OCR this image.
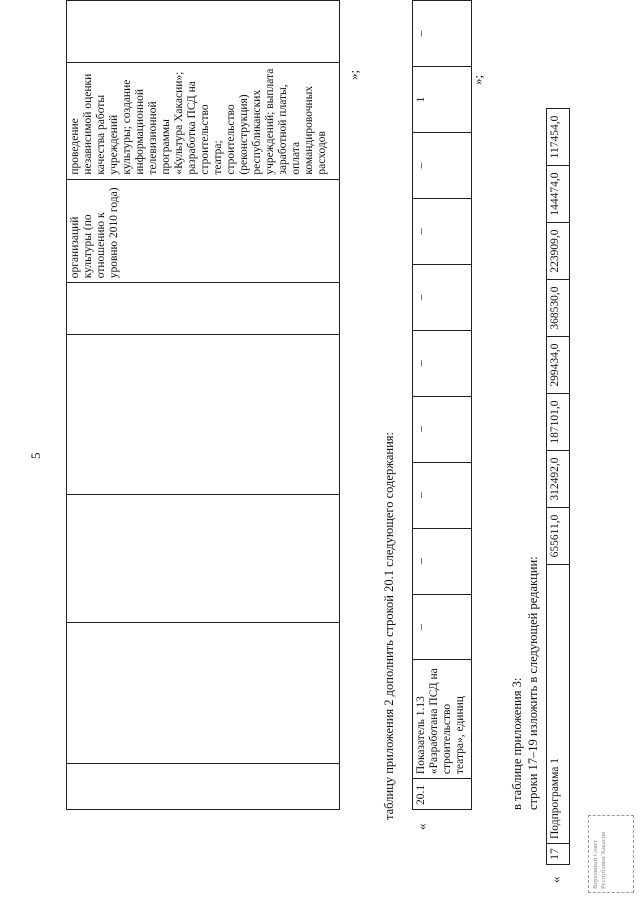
5
					организаций культуры (по отношению к уровню 2010 года)	проведение независимой оценки качества работы учреждений культуры; создание информационной телевизионной программы «Культура Хакасии»; разработка ПСД на строительство театра; строительство (реконструкция) республиканских учреждений; выплата заработной платы, оплата командировочных расходов	
»;
таблицу приложения 2 дополнить строкой 20.1 следующего содержания:
«
20.1	Показатель 1.13 «Разработана ПСД на строительство театра», единиц	–	–	–	–	–	–	–	–	1	–
»;
в таблице приложения 3: строки 17–19 изложить в следующей редакции:
«
17	Подпрограмма 1	655611,0	312492,0	187101,0	299434,0	368530,0	223909,0	144474,0	117454,0
Верховный Совет Республики Хакасия
